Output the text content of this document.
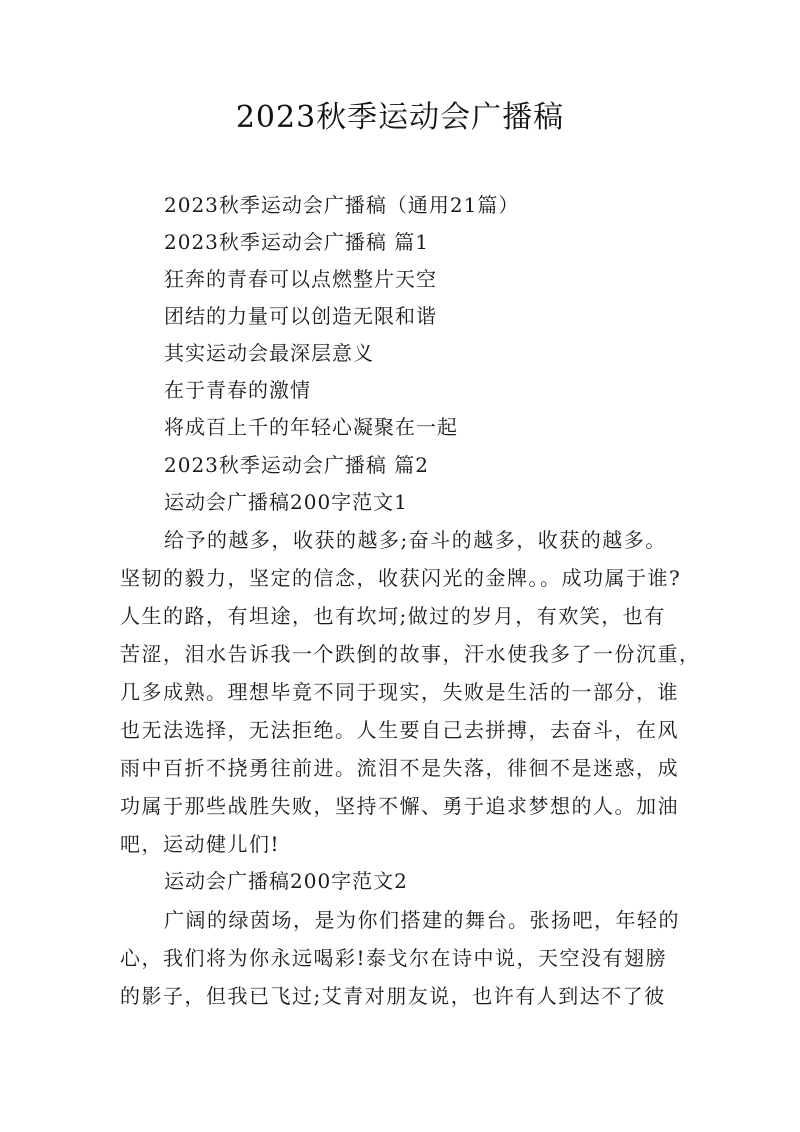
2023秋季运动会广播稿
2023秋季运动会广播稿（通用21篇）
2023秋季运动会广播稿 篇1
狂奔的青春可以点燃整片天空
团结的力量可以创造无限和谐
其实运动会最深层意义
在于青春的激情
将成百上千的年轻心凝聚在一起
2023秋季运动会广播稿 篇2
运动会广播稿200字范文1
给予的越多，收获的越多;奋斗的越多，收获的越多。
坚韧的毅力，坚定的信念，收获闪光的金牌。。成功属于谁?
人生的路，有坦途，也有坎坷;做过的岁月，有欢笑，也有
苦涩，泪水告诉我一个跌倒的故事，汗水使我多了一份沉重，
几多成熟。理想毕竟不同于现实，失败是生活的一部分，谁
也无法选择，无法拒绝。人生要自己去拼搏，去奋斗，在风
雨中百折不挠勇往前进。流泪不是失落，徘徊不是迷惑，成
功属于那些战胜失败，坚持不懈、勇于追求梦想的人。加油
吧，运动健儿们!
运动会广播稿200字范文2
广阔的绿茵场，是为你们搭建的舞台。张扬吧，年轻的
心，我们将为你永远喝彩!泰戈尔在诗中说，天空没有翅膀
的影子，但我已飞过;艾青对朋友说，也许有人到达不了彼
